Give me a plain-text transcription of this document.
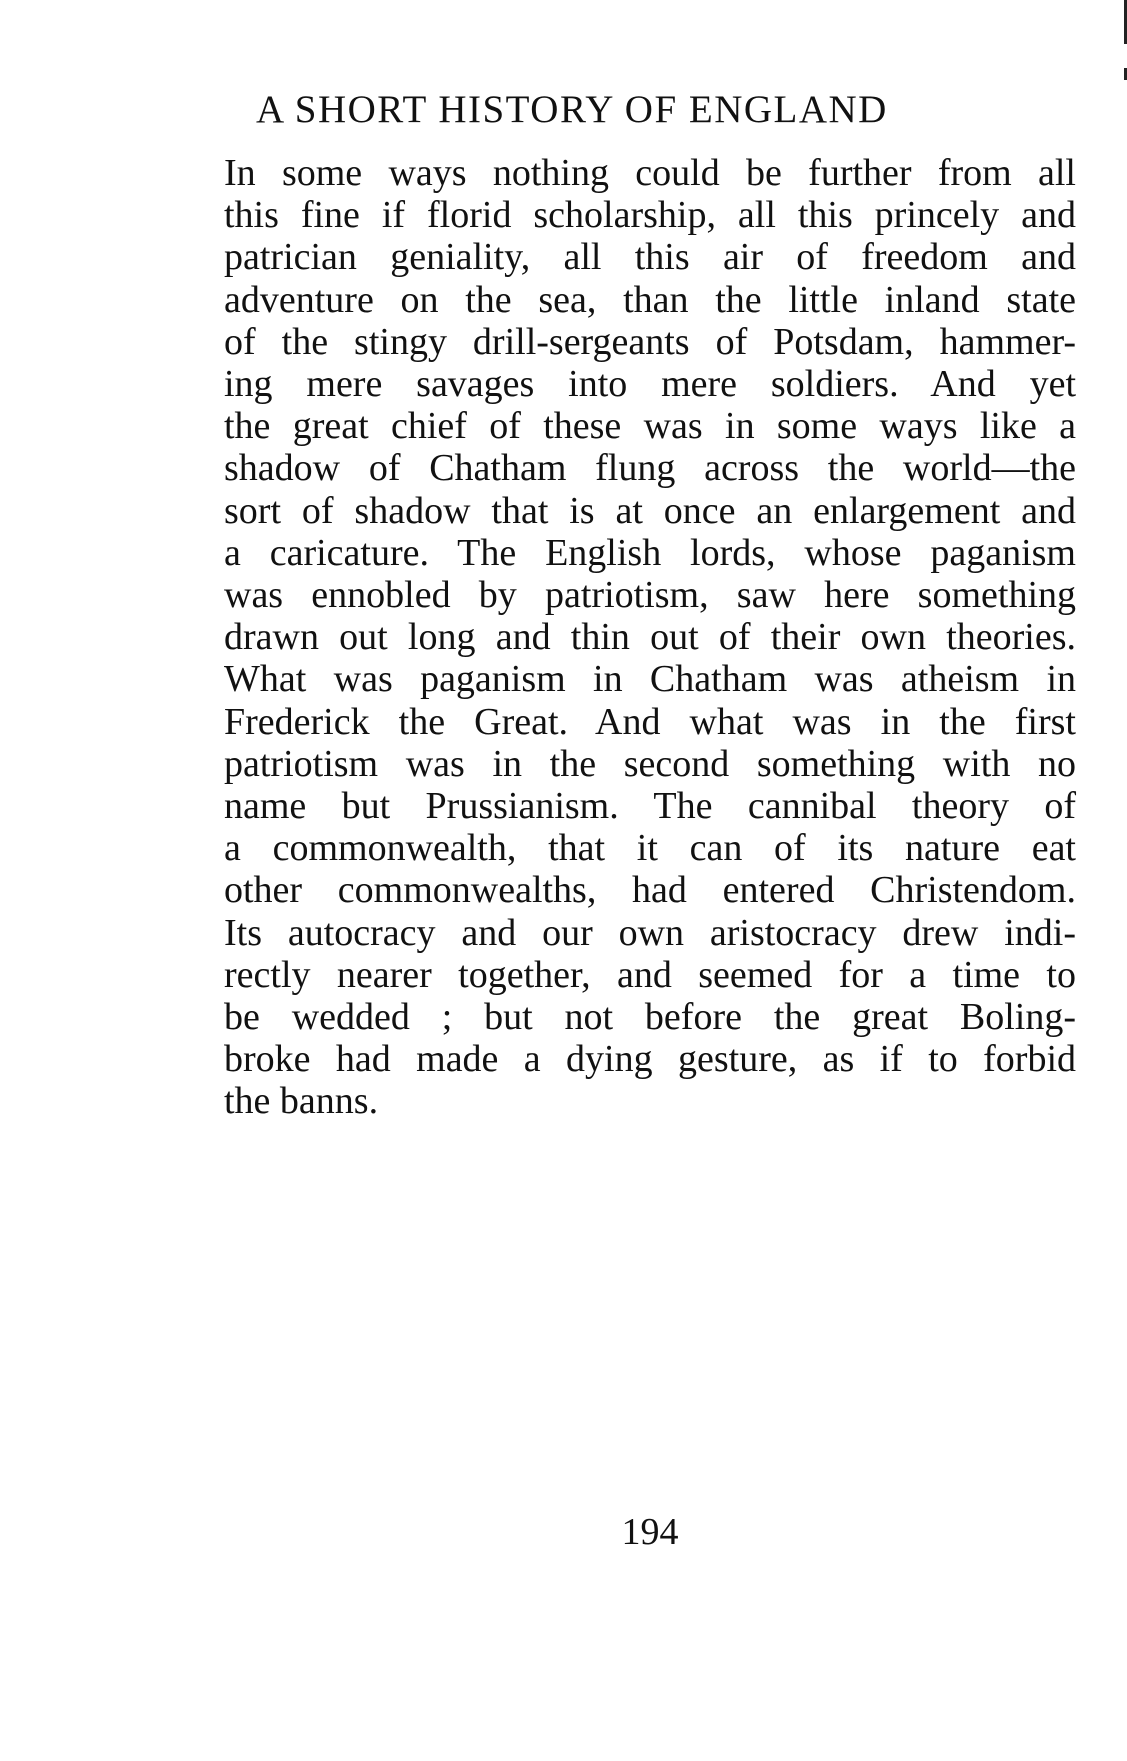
A SHORT HISTORY OF ENGLAND
In some ways nothing could be further from all
this fine if florid scholarship, all this princely and
patrician geniality, all this air of freedom and
adventure on the sea, than the little inland state
of the stingy drill-sergeants of Potsdam, hammer-
ing mere savages into mere soldiers. And yet
the great chief of these was in some ways like a
shadow of Chatham flung across the world—the
sort of shadow that is at once an enlargement and
a caricature. The English lords, whose paganism
was ennobled by patriotism, saw here something
drawn out long and thin out of their own theories.
What was paganism in Chatham was atheism in
Frederick the Great. And what was in the first
patriotism was in the second something with no
name but Prussianism. The cannibal theory of
a commonwealth, that it can of its nature eat
other commonwealths, had entered Christendom.
Its autocracy and our own aristocracy drew indi-
rectly nearer together, and seemed for a time to
be wedded ; but not before the great Boling-
broke had made a dying gesture, as if to forbid
the banns.
194
